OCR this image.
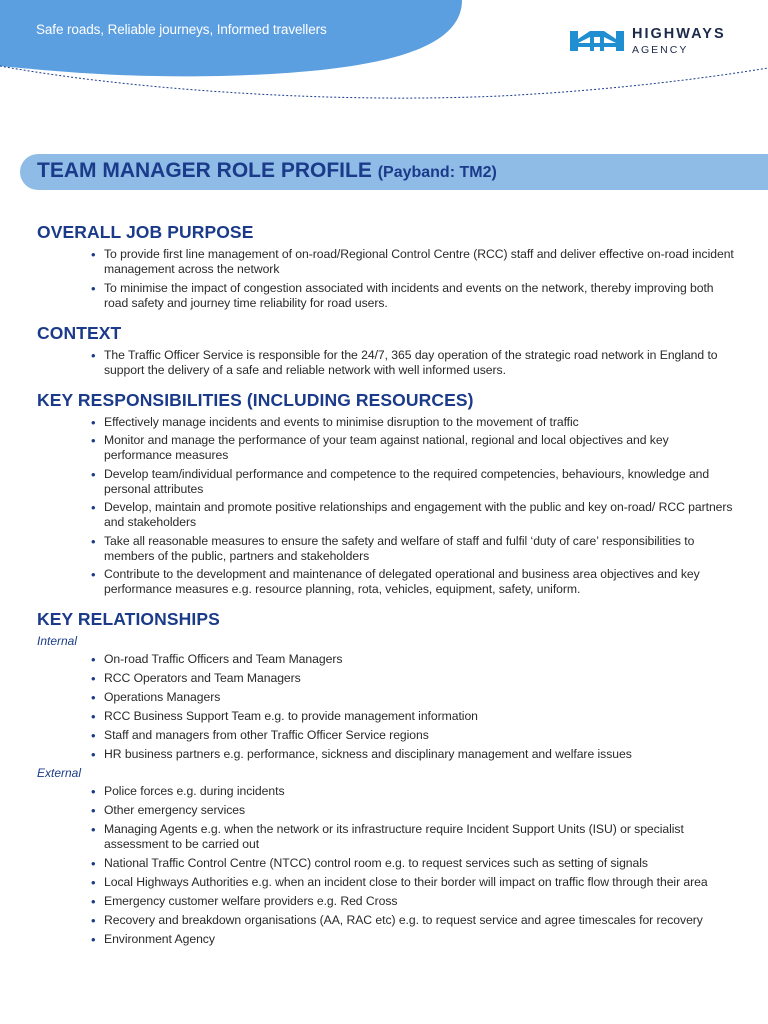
Safe roads, Reliable journeys, Informed travellers	HIGHWAYS
AGENCY
TEAM MANAGER ROLE PROFILE (Payband: TM2)
OVERALL JOB PURPOSE
• To provide first line management of on-road/Regional Control Centre (RCC) staff and deliver effective on-road incident management across the network
• To minimise the impact of congestion associated with incidents and events on the network, thereby improving both road safety and journey time reliability for road users.
CONTEXT
• The Traffic Officer Service is responsible for the 24/7, 365 day operation of the strategic road network in England to support the delivery of a safe and reliable network with well informed users.
KEY RESPONSIBILITIES (INCLUDING RESOURCES)
• Effectively manage incidents and events to minimise disruption to the movement of traffic
• Monitor and manage the performance of your team against national, regional and local objectives and key performance measures
• Develop team/individual performance and competence to the required competencies, behaviours, knowledge and personal attributes
• Develop, maintain and promote positive relationships and engagement with the public and key on-road/ RCC partners and stakeholders
• Take all reasonable measures to ensure the safety and welfare of staff and fulfil ‘duty of care’ responsibilities to members of the public, partners and stakeholders
• Contribute to the development and maintenance of delegated operational and business area objectives and key performance measures e.g. resource planning, rota, vehicles, equipment, safety, uniform.
KEY RELATIONSHIPS
Internal
• On-road Traffic Officers and Team Managers
• RCC Operators and Team Managers
• Operations Managers
• RCC Business Support Team e.g. to provide management information
• Staff and managers from other Traffic Officer Service regions
• HR business partners e.g. performance, sickness and disciplinary management and welfare issues
External
• Police forces e.g. during incidents
• Other emergency services
• Managing Agents e.g. when the network or its infrastructure require Incident Support Units (ISU) or specialist assessment to be carried out
• National Traffic Control Centre (NTCC) control room e.g. to request services such as setting of signals
• Local Highways Authorities e.g. when an incident close to their border will impact on traffic flow through their area
• Emergency customer welfare providers e.g. Red Cross
• Recovery and breakdown organisations (AA, RAC etc) e.g. to request service and agree timescales for recovery
• Environment Agency
